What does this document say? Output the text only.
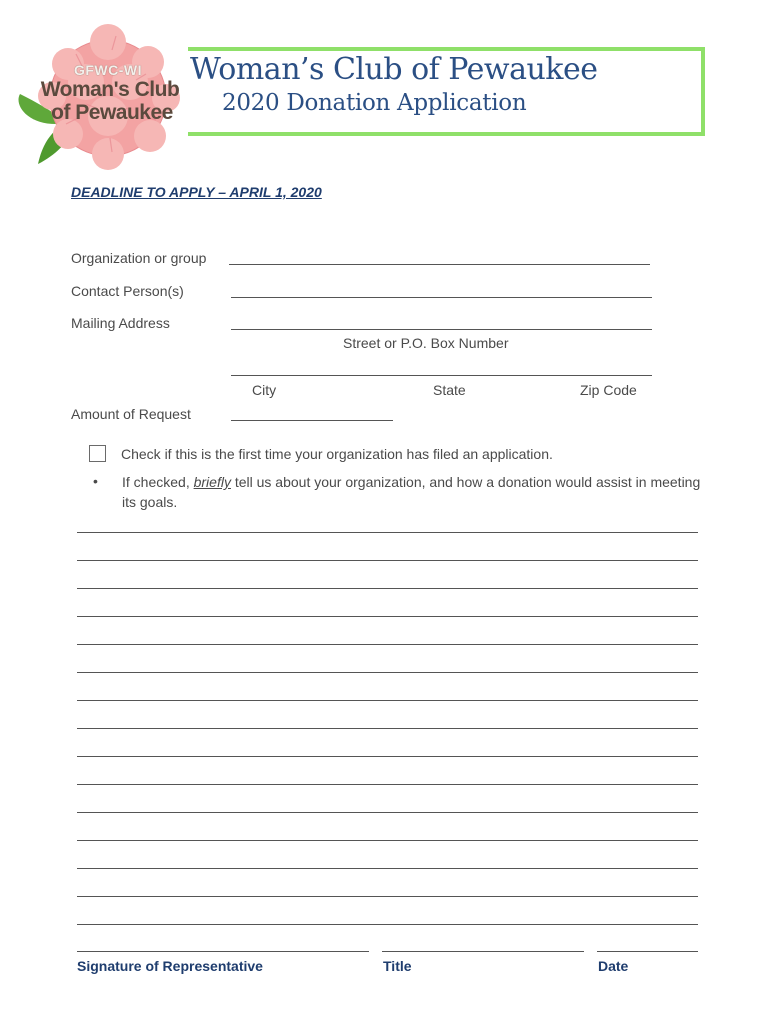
GFWC-WI
Woman's Club
of Pewaukee
Woman’s Club of Pewaukee
2020 Donation Application
DEADLINE TO APPLY – APRIL 1, 2020
Organization or group
Contact Person(s)
Mailing Address
Street or P.O. Box Number
City	State	Zip Code
Amount of Request
Check if this is the first time your organization has filed an application.
• If checked, briefly tell us about your organization, and how a donation would assist in meeting its goals.
Signature of Representative	Title	Date
